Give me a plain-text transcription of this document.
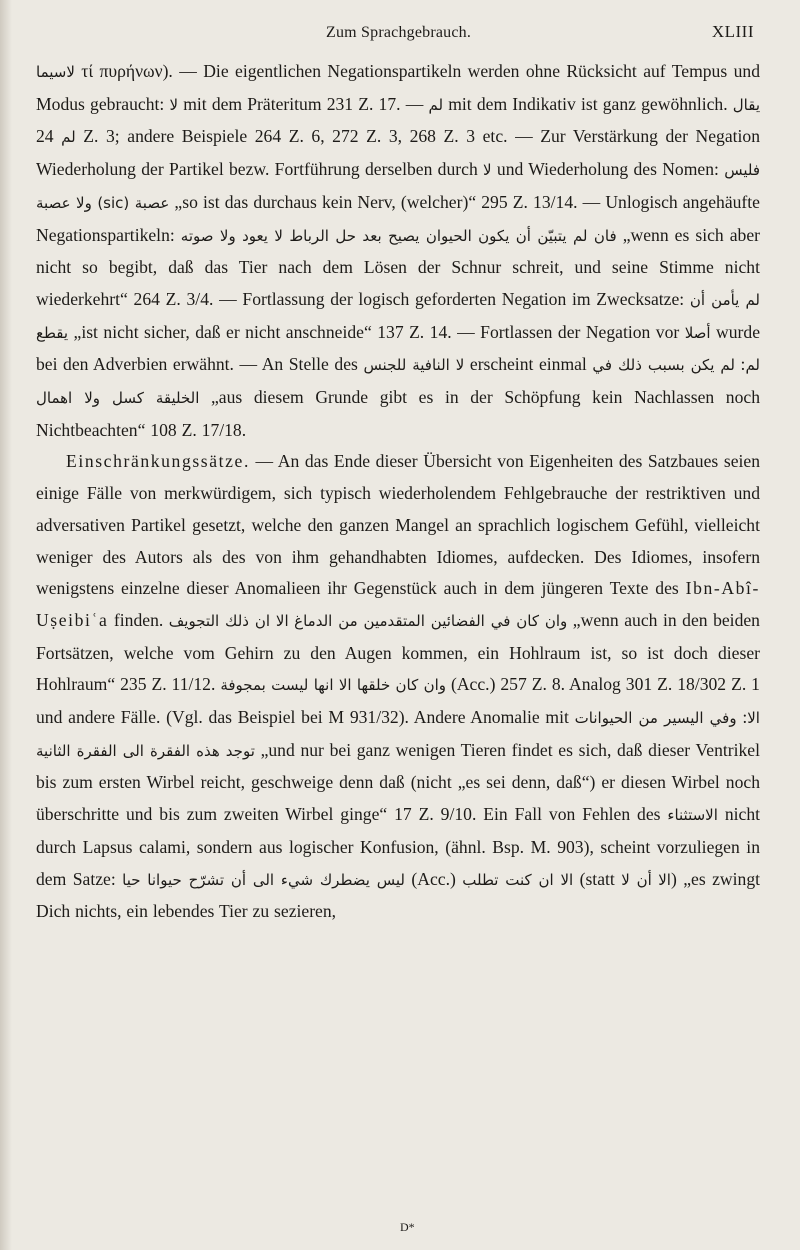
Zum Sprachgebrauch.	XLIII

لاسيما τί πυρήνων). — Die eigentlichen Negationspartikeln werden ohne Rücksicht auf Tempus und Modus gebraucht: لا mit dem Präteritum 231 Z. 17. — لم mit dem Indikativ ist ganz gewöhnlich. يقال لم 24 Z. 3; andere Beispiele 264 Z. 6, 272 Z. 3, 268 Z. 3 etc. — Zur Verstärkung der Negation Wiederholung der Partikel bezw. Fortführung derselben durch لا und Wiederholung des Nomen: فليس عصبة (sic) ولا عصبة „so ist das durchaus kein Nerv, (welcher)“ 295 Z. 13/14. — Unlogisch angehäufte Negationspartikeln: فان لم يتبيّن أن يكون الحيوان يصيح بعد حل الرباط لا يعود ولا صوته „wenn es sich aber nicht so begibt, daß das Tier nach dem Lösen der Schnur schreit, und seine Stimme nicht wiederkehrt“ 264 Z. 3/4. — Fortlassung der logisch geforderten Negation im Zwecksatze: لم يأمن أن يقطع „ist nicht sicher, daß er nicht anschneide“ 137 Z. 14. — Fortlassen der Negation vor أصلا wurde bei den Adverbien erwähnt. — An Stelle des لا النافية للجنس erscheint einmal	لم: لم يكن بسبب ذلك في الخليقة كسل ولا اهمال „aus diesem Grunde gibt es in der Schöpfung kein Nachlassen noch Nichtbeachten“ 108 Z. 17/18.

Einschränkungssätze. — An das Ende dieser Übersicht von Eigenheiten des Satzbaues seien einige Fälle von merkwürdigem, sich typisch wiederholendem Fehlgebrauche der restriktiven und adversativen Partikel gesetzt, welche den ganzen Mangel an sprachlich logischem Gefühl, vielleicht weniger des Autors als des von ihm gehandhabten Idiomes, aufdecken. Des Idiomes, insofern wenigstens einzelne dieser Anomalieen ihr Gegenstück auch in dem jüngeren Texte des Ibn-Abî-Uṣeibiʿa finden.	وان كان في الفضائين المتقدمين من الدماغ الا ان ذلك التجويف	„wenn auch in den beiden Fortsätzen, welche vom Gehirn zu den Augen kommen, ein Hohlraum ist, so ist doch dieser Hohlraum“ 235 Z. 11/12. وان كان خلقها الا انها ليست بمجوفة (Acc.) 257 Z. 8. Analog 301 Z. 18/302 Z. 1 und andere Fälle. (Vgl. das Beispiel bei M 931/32). Andere Anomalie mit	الا: وفي اليسير من الحيوانات توجد هذه الفقرة الى الفقرة الثانية „und nur bei ganz wenigen Tieren findet es sich, daß dieser Ventrikel bis zum ersten Wirbel reicht, geschweige denn daß (nicht „es sei denn, daß“) er diesen Wirbel noch überschritte und bis zum zweiten Wirbel ginge“ 17 Z. 9/10. Ein Fall von Fehlen des الاستثناء nicht durch Lapsus calami, sondern aus logischer Konfusion, (ähnl. Bsp. M. 903), scheint vorzuliegen in dem Satze: ليس يضطرك شيء الى أن تشرّح حيوانا حيا (Acc.) الا ان كنت تطلب (statt الا أن لا ) „es zwingt Dich nichts, ein lebendes Tier zu sezieren,

D*
